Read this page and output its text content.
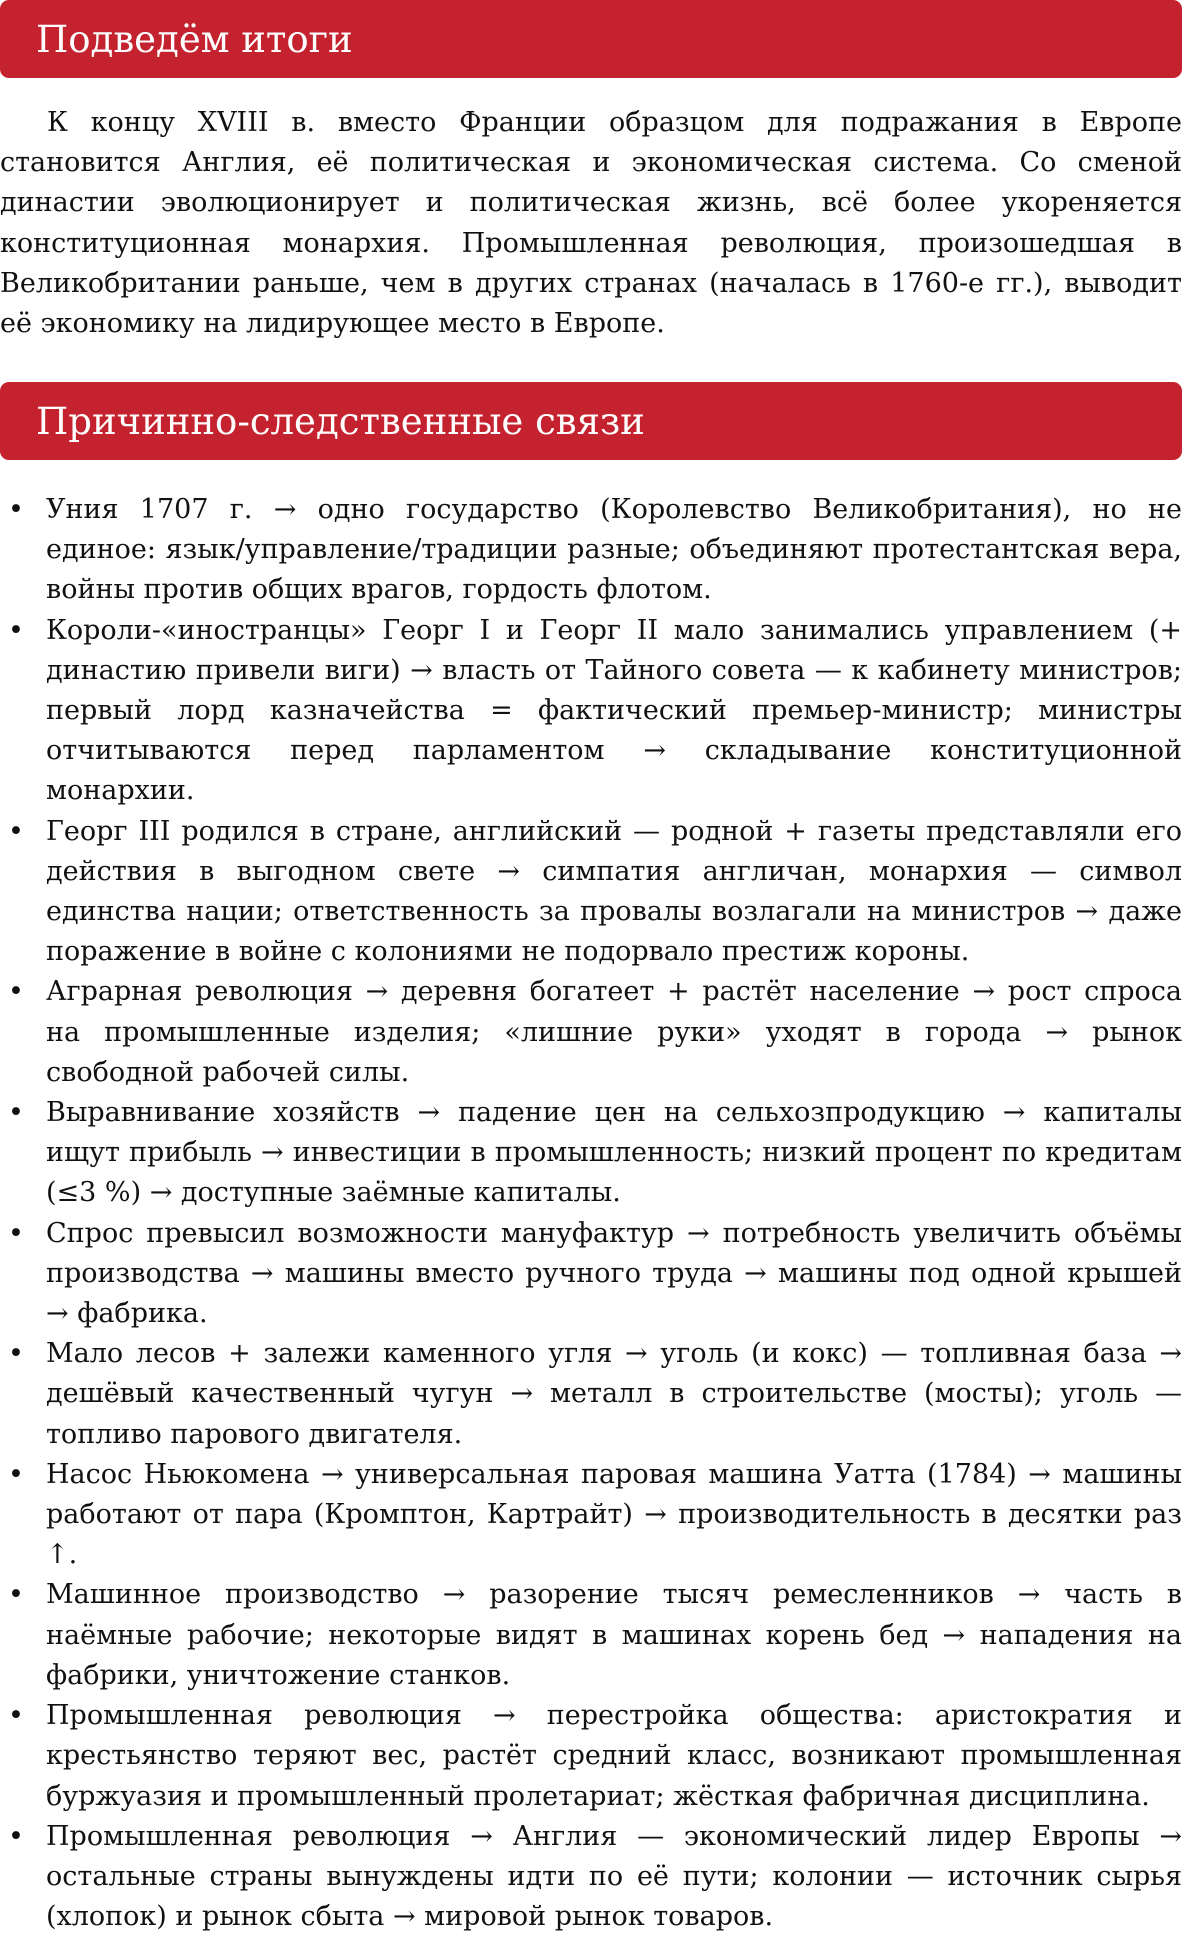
Подведём итоги

К концу XVIII в. вместо Франции образцом для подражания в Европе становится Англия, её политическая и экономическая система. Со сменой династии эволюционирует и политическая жизнь, всё более укореняется конституционная монархия. Промышленная революция, произошедшая в Великобритании раньше, чем в других странах (началась в 1760-е гг.), выводит её экономику на лидирующее место в Европе.

Причинно-следственные связи
• Уния 1707 г. → одно государство (Королевство Великобритания), но не единое: язык/управление/традиции разные; объединяют протестантская вера, войны против общих врагов, гордость флотом.
• Короли-«иностранцы» Георг I и Георг II мало занимались управлением (+ династию привели виги) → власть от Тайного совета — к кабинету министров; первый лорд казначейства = фактический премьер-министр; министры отчитываются перед парламентом → складывание конституционной монархии.
• Георг III родился в стране, английский — родной + газеты представляли его действия в выгодном свете → симпатия англичан, монархия — символ единства нации; ответственность за провалы возлагали на министров → даже поражение в войне с колониями не подорвало престиж короны.
• Аграрная революция → деревня богатеет + растёт население → рост спроса на промышленные изделия; «лишние руки» уходят в города → рынок свободной рабочей силы.
• Выравнивание хозяйств → падение цен на сельхозпродукцию → капиталы ищут прибыль → инвестиции в промышленность; низкий процент по кредитам (≤3 %) → доступные заёмные капиталы.
• Спрос превысил возможности мануфактур → потребность увеличить объёмы производства → машины вместо ручного труда → машины под одной крышей → фабрика.
• Мало лесов + залежи каменного угля → уголь (и кокс) — топливная база → дешёвый качественный чугун → металл в строительстве (мосты); уголь — топливо парового двигателя.
• Насос Ньюкомена → универсальная паровая машина Уатта (1784) → машины работают от пара (Кромптон, Картрайт) → производительность в десятки раз ↑.
• Машинное производство → разорение тысяч ремесленников → часть в наёмные рабочие; некоторые видят в машинах корень бед → нападения на фабрики, уничтожение станков.
• Промышленная революция → перестройка общества: аристократия и крестьянство теряют вес, растёт средний класс, возникают промышленная буржуазия и промышленный пролетариат; жёсткая фабричная дисциплина.
• Промышленная революция → Англия — экономический лидер Европы → остальные страны вынуждены идти по её пути; колонии — источник сырья (хлопок) и рынок сбыта → мировой рынок товаров.
